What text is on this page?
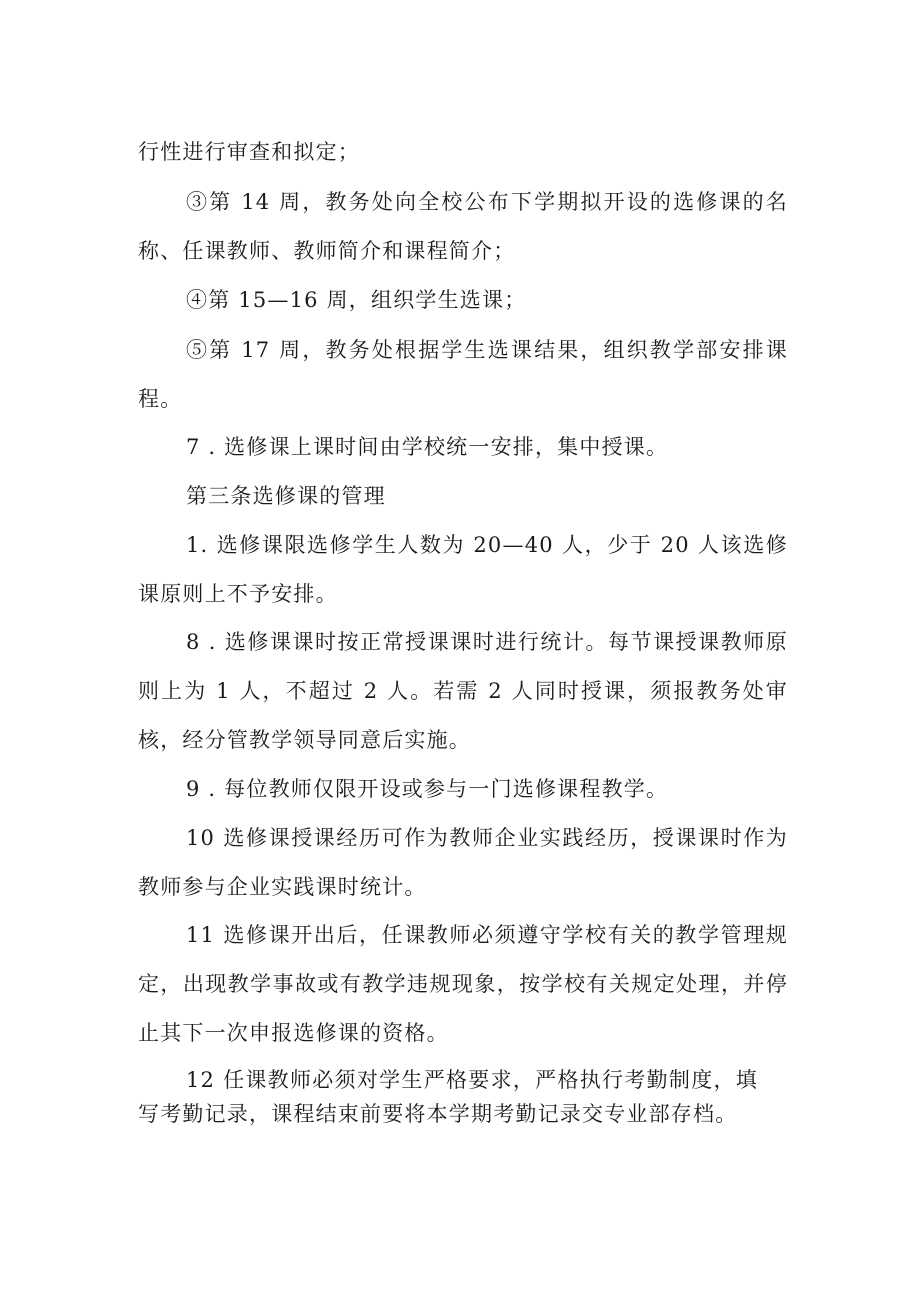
行性进行审查和拟定；
③第 14 周，教务处向全校公布下学期拟开设的选修课的名称、任课教师、教师简介和课程简介；
④第 15—16 周，组织学生选课；
⑤第 17 周，教务处根据学生选课结果，组织教学部安排课程。
7 . 选修课上课时间由学校统一安排，集中授课。
第三条选修课的管理
1. 选修课限选修学生人数为 20—40 人，少于 20 人该选修课原则上不予安排。
8 . 选修课课时按正常授课课时进行统计。每节课授课教师原则上为 1 人，不超过 2 人。若需 2 人同时授课，须报教务处审核，经分管教学领导同意后实施。
9 . 每位教师仅限开设或参与一门选修课程教学。
10 选修课授课经历可作为教师企业实践经历，授课课时作为教师参与企业实践课时统计。
11 选修课开出后，任课教师必须遵守学校有关的教学管理规定，出现教学事故或有教学违规现象，按学校有关规定处理，并停止其下一次申报选修课的资格。
12 任课教师必须对学生严格要求，严格执行考勤制度，填写考勤记录，课程结束前要将本学期考勤记录交专业部存档。
